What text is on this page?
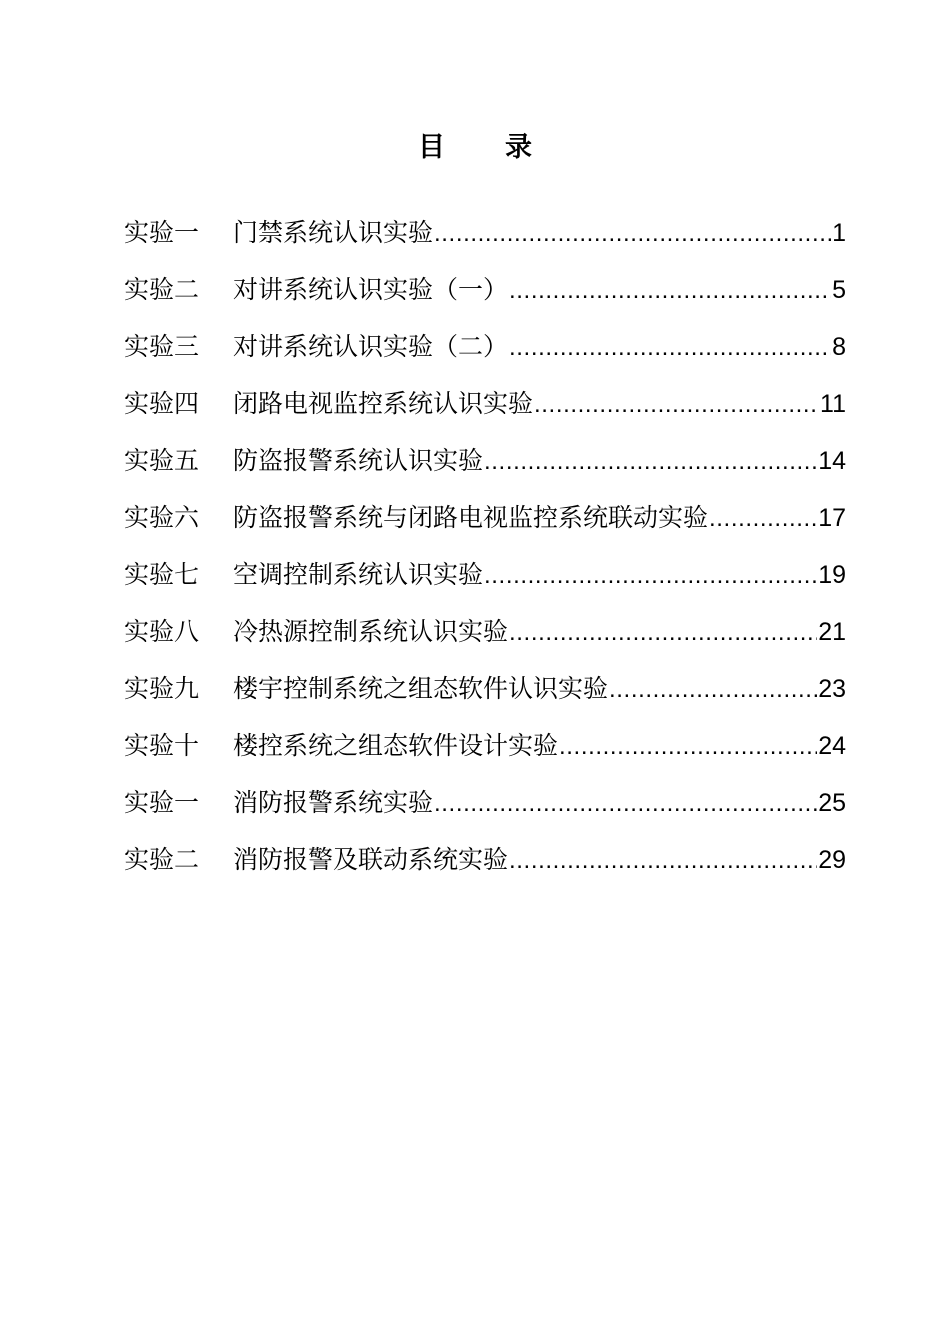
目 录
实验一	门禁系统认识实验 .....	1
实验二	对讲系统认识实验（一） .....	5
实验三	对讲系统认识实验（二） .....	8
实验四	闭路电视监控系统认识实验 .....	11
实验五	防盗报警系统认识实验 .....	14
实验六	防盗报警系统与闭路电视监控系统联动实验 .....	17
实验七	空调控制系统认识实验 .....	19
实验八	冷热源控制系统认识实验 .....	21
实验九	楼宇控制系统之组态软件认识实验 .....	23
实验十	楼控系统之组态软件设计实验 .....	24
实验一	消防报警系统实验 .....	25
实验二	消防报警及联动系统实验 .....	29
